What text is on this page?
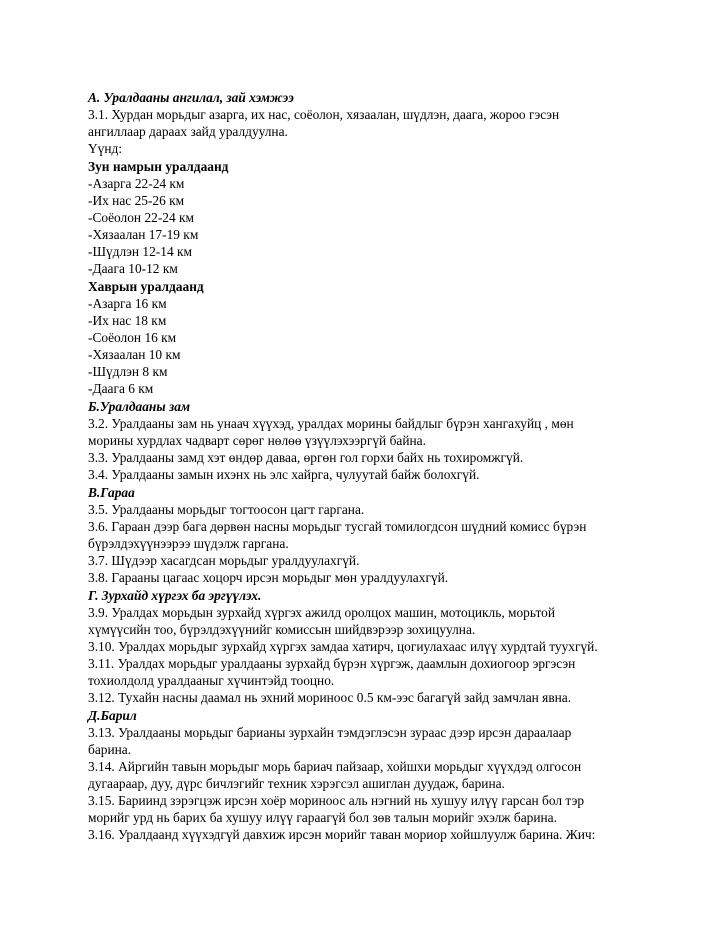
А. Уралдааны ангилал, зай хэмжээ
3.1. Хурдан морьдыг азарга, их нас, соёолон, хязаалан, шүдлэн, даага, жороо гэсэн
ангиллаар дараах зайд уралдуулна.
Үүнд:
Зун намрын уралдаанд
-Азарга 22-24 км
-Их нас 25-26 км
-Соёолон 22-24 км
-Хязаалан 17-19 км
-Шүдлэн 12-14 км
-Даага 10-12 км
Хаврын уралдаанд
-Азарга 16 км
-Их нас 18 км
-Соёолон 16 км
-Хязаалан 10 км
-Шүдлэн 8 км
-Даага 6 км
Б.Уралдааны зам
3.2. Уралдааны зам нь унаач хүүхэд, уралдах морины байдлыг бүрэн хангахуйц , мөн
морины хурдлах чадварт сөрөг нөлөө үзүүлэхээргүй байна.
3.3. Уралдааны замд хэт өндөр даваа, өргөн гол горхи байх нь тохиромжгүй.
3.4. Уралдааны замын ихэнх нь элс хайрга, чулуутай байж болохгүй.
В.Гараа
3.5. Уралдааны морьдыг тогтоосон цагт гаргана.
3.6. Гараан дээр бага дөрвөн насны морьдыг тусгай томилогдсон шүдний комисс бүрэн
бүрэлдэхүүнээрээ шүдэлж гаргана.
3.7. Шүдээр хасагдсан морьдыг уралдуулахгүй.
3.8. Гарааны цагаас хоцорч ирсэн морьдыг мөн уралдуулахгүй.
Г. Зурхайд хүргэх ба эргүүлэх.
3.9. Уралдах морьдын зурхайд хүргэх ажилд оролцох машин, мотоцикль, морьтой
хүмүүсийн тоо, бүрэлдэхүүнийг комиссын шийдвэрээр зохицуулна.
3.10. Уралдах морьдыг зурхайд хүргэх замдаа хатирч, цогиулахаас илүү хурдтай туухгүй.
3.11. Уралдах морьдыг уралдааны зурхайд бүрэн хүргэж, даамлын дохиогоор эргэсэн
тохиолдолд уралдааныг хүчинтэйд тооцно.
3.12. Тухайн насны даамал нь эхний мориноос 0.5 км-ээс багагүй зайд замчлан явна.
Д.Барил
3.13. Уралдааны морьдыг барианы зурхайн тэмдэглэсэн зураас дээр ирсэн дараалаар
барина.
3.14. Айргийн тавын морьдыг морь бариач пайзаар, хойшхи морьдыг хүүхдэд олгосон
дугаараар, дуу, дүрс бичлэгийг техник хэрэгсэл ашиглан дуудаж, барина.
3.15. Бариинд зэрэгцэж ирсэн хоёр мориноос аль нэгний нь хушуу илүү гарсан бол тэр
морийг урд нь барих ба хушуу илүү гараагүй бол зөв талын морийг эхэлж барина.
3.16. Уралдаанд хүүхэдгүй давхиж ирсэн морийг таван мориор хойшлуулж барина. Жич:
